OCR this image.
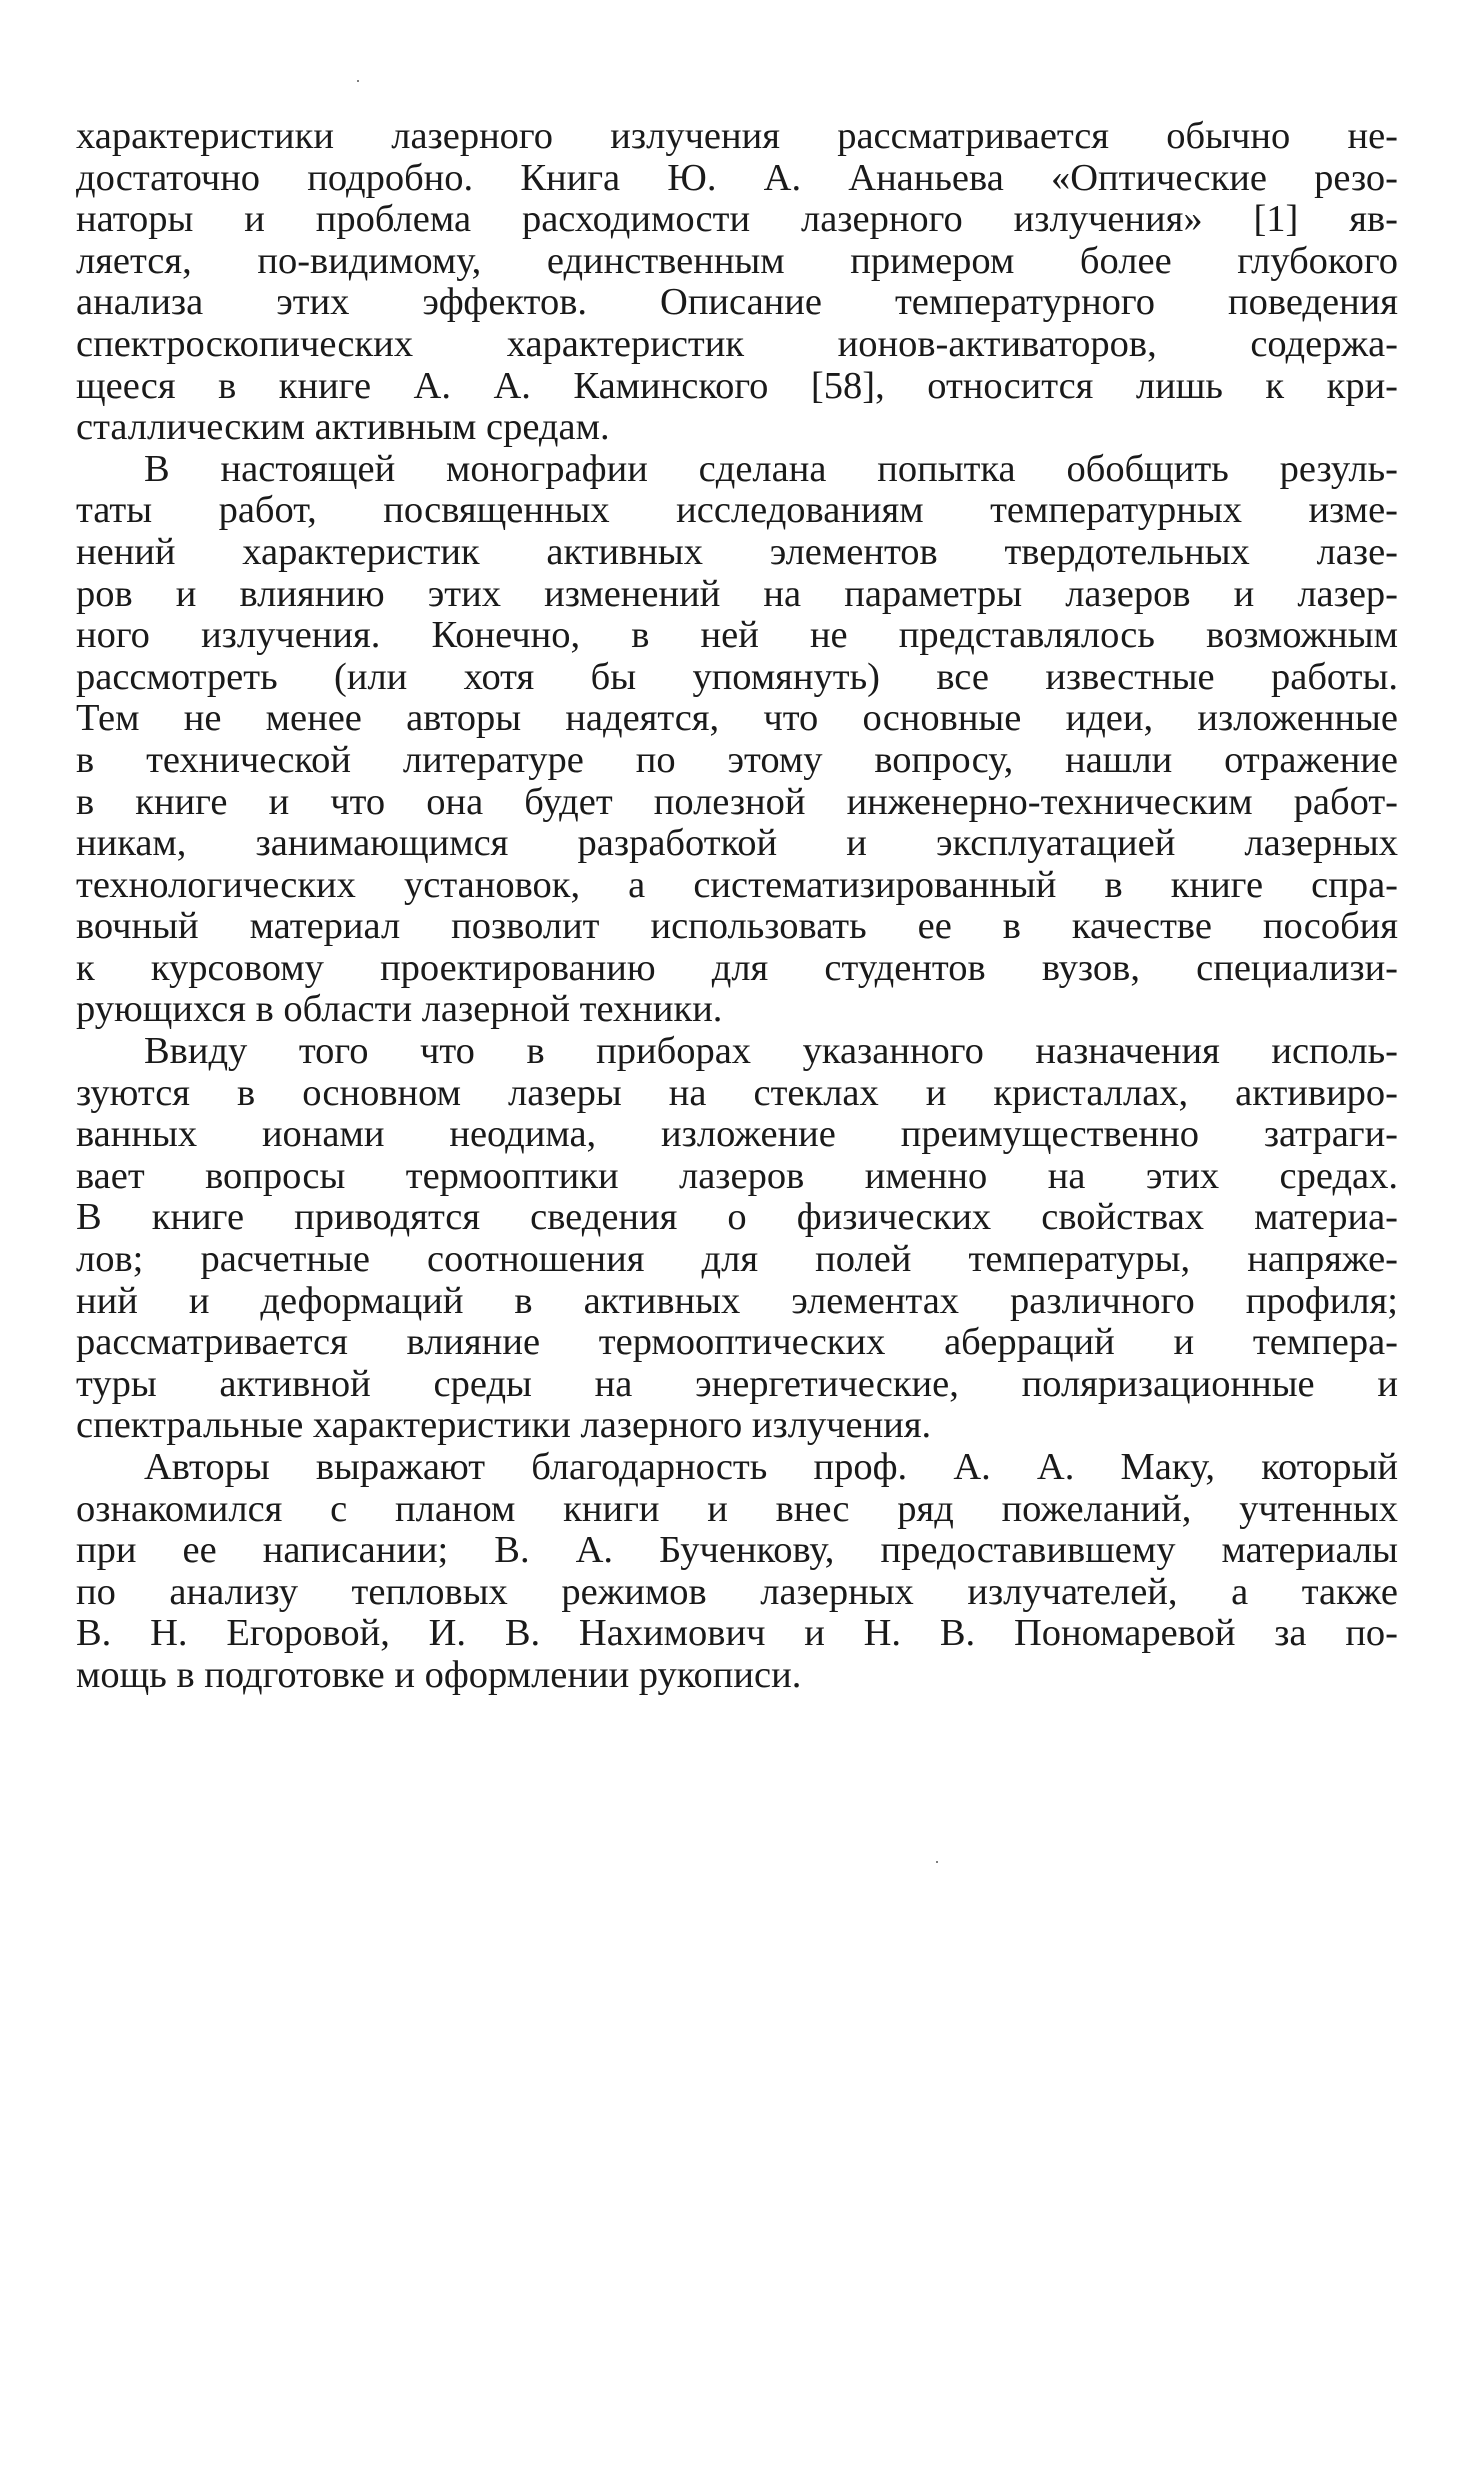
характеристики лазерного излучения рассматривается обычно не-
достаточно подробно. Книга Ю. А. Ананьева «Оптические резо-
наторы и проблема расходимости лазерного излучения» [1] яв-
ляется, по-видимому, единственным примером более глубокого
анализа этих эффектов. Описание температурного поведения
спектроскопических характеристик ионов-активаторов, содержа-
щееся в книге А. А. Каминского [58], относится лишь к кри-
сталлическим активным средам.
В настоящей монографии сделана попытка обобщить резуль-
таты работ, посвященных исследованиям температурных изме-
нений характеристик активных элементов твердотельных лазе-
ров и влиянию этих изменений на параметры лазеров и лазер-
ного излучения. Конечно, в ней не представлялось возможным
рассмотреть (или хотя бы упомянуть) все известные работы.
Тем не менее авторы надеятся, что основные идеи, изложенные
в технической литературе по этому вопросу, нашли отражение
в книге и что она будет полезной инженерно-техническим работ-
никам, занимающимся разработкой и эксплуатацией лазерных
технологических установок, а систематизированный в книге спра-
вочный материал позволит использовать ее в качестве пособия
к курсовому проектированию для студентов вузов, специализи-
рующихся в области лазерной техники.
Ввиду того что в приборах указанного назначения исполь-
зуются в основном лазеры на стеклах и кристаллах, активиро-
ванных ионами неодима, изложение преимущественно затраги-
вает вопросы термооптики лазеров именно на этих средах.
В книге приводятся сведения о физических свойствах материа-
лов; расчетные соотношения для полей температуры, напряже-
ний и деформаций в активных элементах различного профиля;
рассматривается влияние термооптических аберраций и темпера-
туры активной среды на энергетические, поляризационные и
спектральные характеристики лазерного излучения.
Авторы выражают благодарность проф. А. А. Маку, который
ознакомился с планом книги и внес ряд пожеланий, учтенных
при ее написании; В. А. Бученкову, предоставившему материалы
по анализу тепловых режимов лазерных излучателей, а также
В. Н. Егоровой, И. В. Нахимович и Н. В. Пономаревой за по-
мощь в подготовке и оформлении рукописи.
